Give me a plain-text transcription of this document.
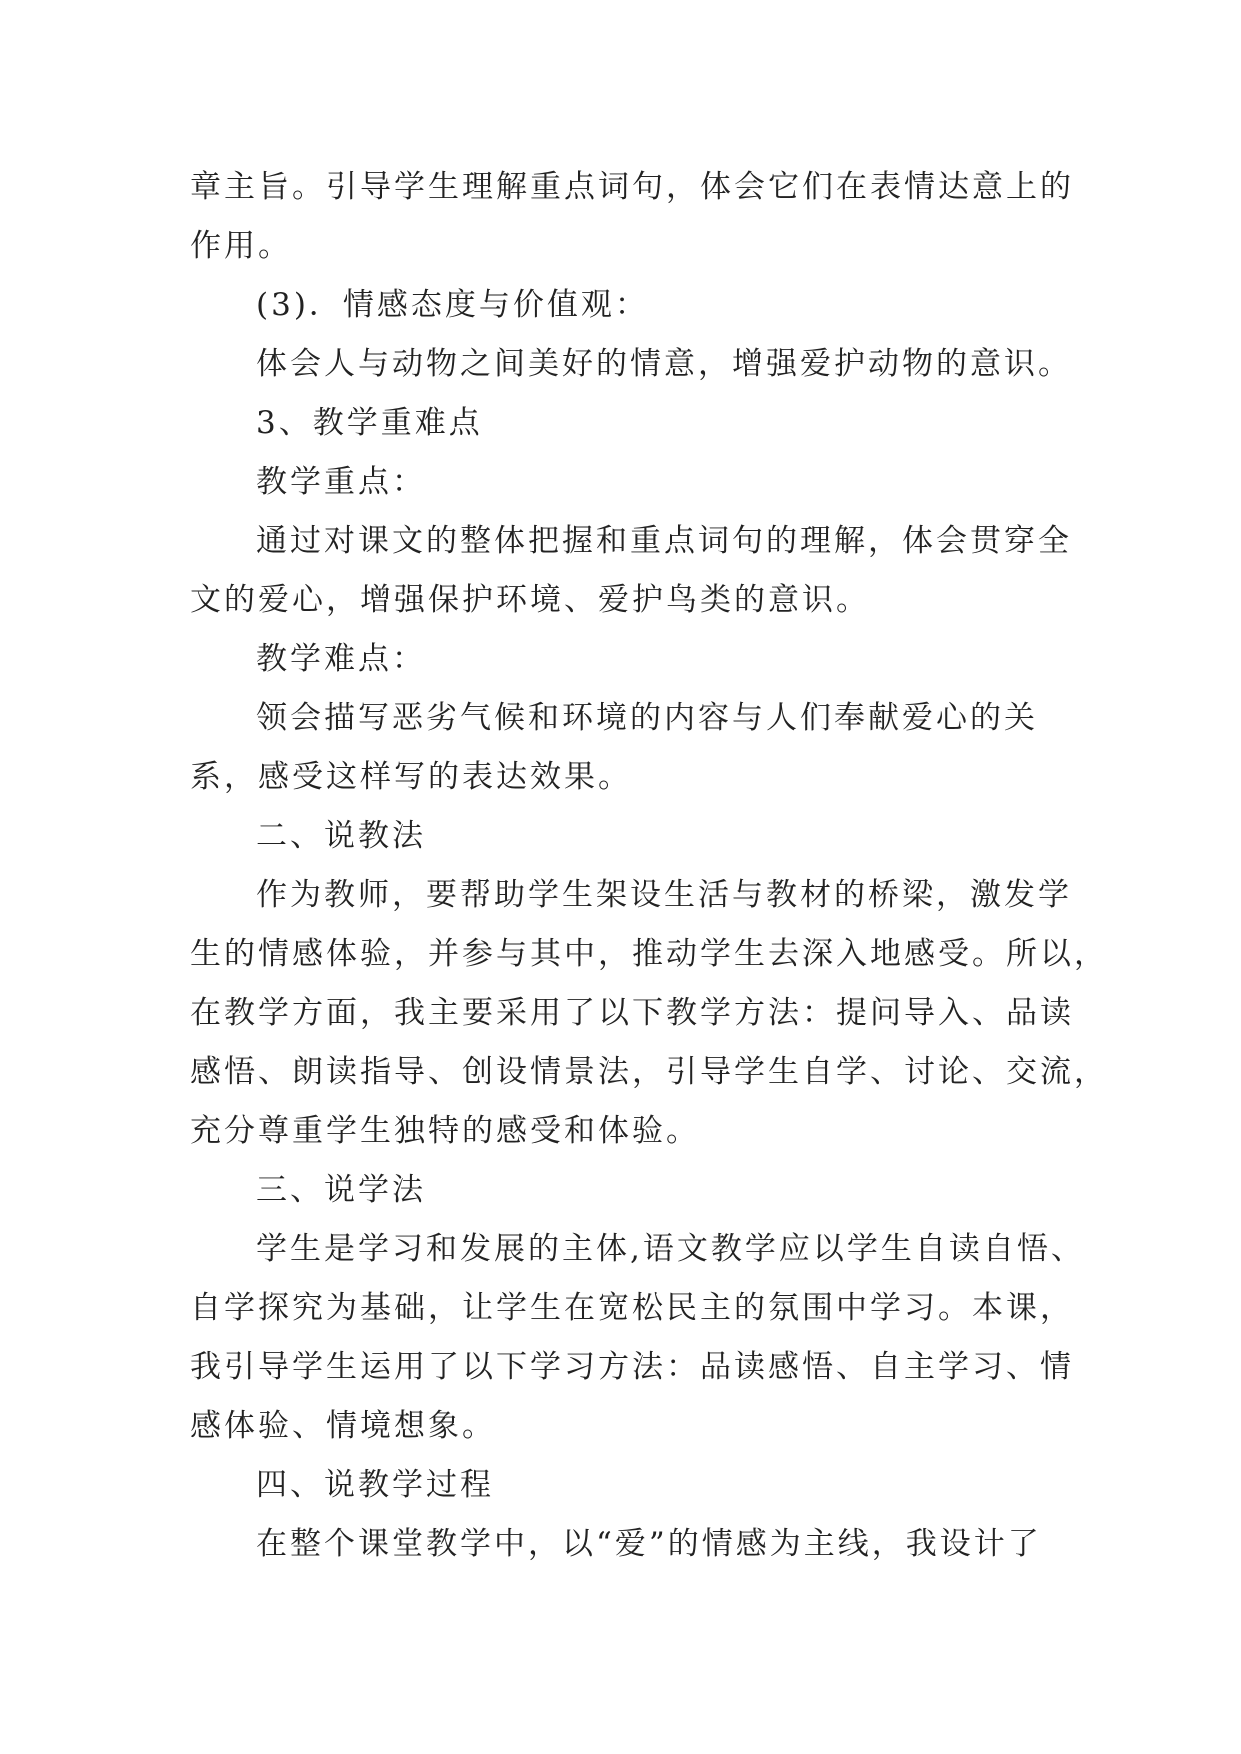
章主旨。引导学生理解重点词句，体会它们在表情达意上的

作用。

(3)．情感态度与价值观：

体会人与动物之间美好的情意，增强爱护动物的意识。

3、教学重难点

教学重点：

通过对课文的整体把握和重点词句的理解，体会贯穿全

文的爱心，增强保护环境、爱护鸟类的意识。

教学难点：

领会描写恶劣气候和环境的内容与人们奉献爱心的关

系，感受这样写的表达效果。

二、说教法

作为教师，要帮助学生架设生活与教材的桥梁，激发学

生的情感体验，并参与其中，推动学生去深入地感受。所以，

在教学方面，我主要采用了以下教学方法：提问导入、品读

感悟、朗读指导、创设情景法，引导学生自学、讨论、交流，

充分尊重学生独特的感受和体验。

三、说学法

学生是学习和发展的主体,语文教学应以学生自读自悟、

自学探究为基础，让学生在宽松民主的氛围中学习。本课，

我引导学生运用了以下学习方法：品读感悟、自主学习、情

感体验、情境想象。

四、说教学过程

在整个课堂教学中，以“爱”的情感为主线，我设计了
